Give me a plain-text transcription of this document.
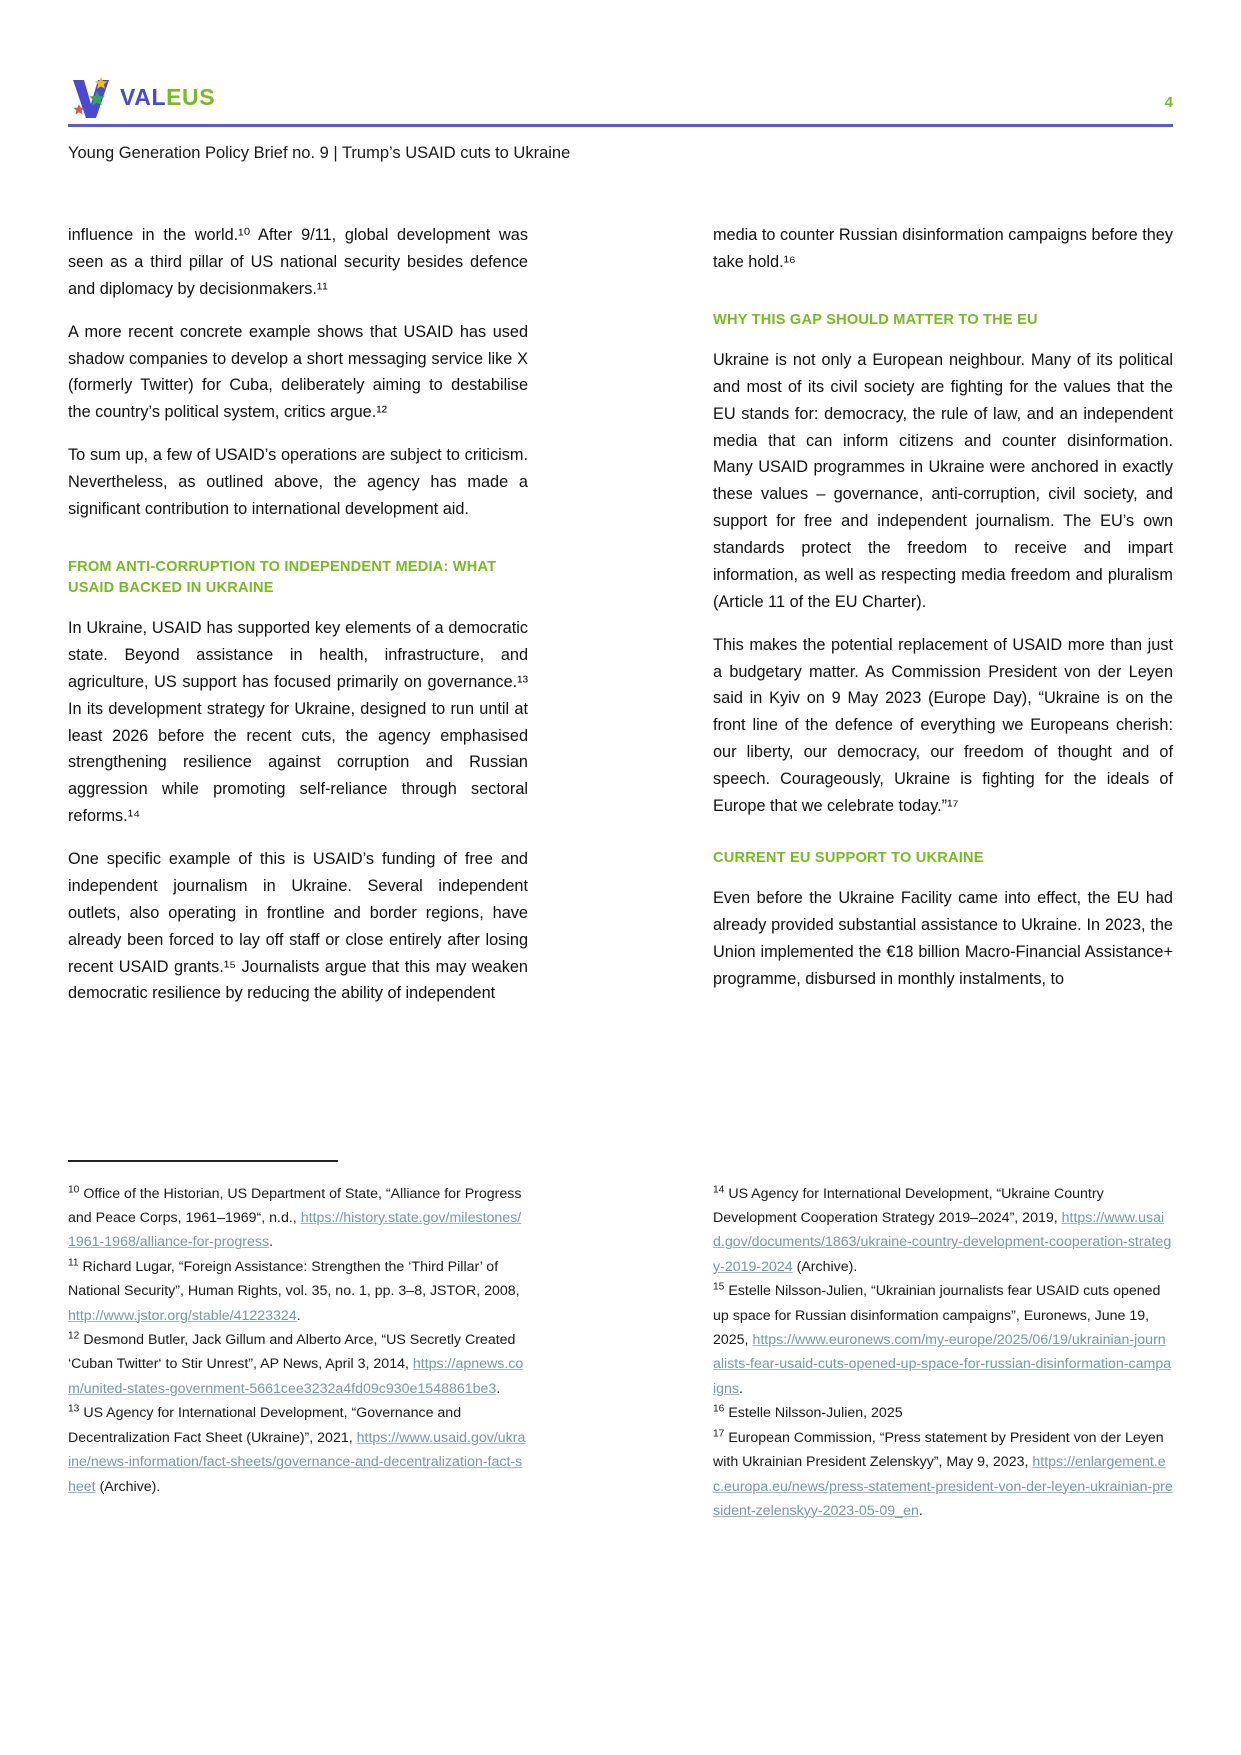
VALEUS	4
Young Generation Policy Brief no. 9 | Trump’s USAID cuts to Ukraine

influence in the world.¹⁰ After 9/11, global development was seen as a third pillar of US national security besides defence and diplomacy by decisionmakers.¹¹

A more recent concrete example shows that USAID has used shadow companies to develop a short messaging service like X (formerly Twitter) for Cuba, deliberately aiming to destabilise the country’s political system, critics argue.¹²

To sum up, a few of USAID’s operations are subject to criticism. Nevertheless, as outlined above, the agency has made a significant contribution to international development aid.

FROM ANTI-CORRUPTION TO INDEPENDENT MEDIA: WHAT USAID BACKED IN UKRAINE

In Ukraine, USAID has supported key elements of a democratic state. Beyond assistance in health, infrastructure, and agriculture, US support has focused primarily on governance.¹³ In its development strategy for Ukraine, designed to run until at least 2026 before the recent cuts, the agency emphasised strengthening resilience against corruption and Russian aggression while promoting self-reliance through sectoral reforms.¹⁴

One specific example of this is USAID’s funding of free and independent journalism in Ukraine. Several independent outlets, also operating in frontline and border regions, have already been forced to lay off staff or close entirely after losing recent USAID grants.¹⁵ Journalists argue that this may weaken democratic resilience by reducing the ability of independent

media to counter Russian disinformation campaigns before they take hold.¹⁶

WHY THIS GAP SHOULD MATTER TO THE EU

Ukraine is not only a European neighbour. Many of its political and most of its civil society are fighting for the values that the EU stands for: democracy, the rule of law, and an independent media that can inform citizens and counter disinformation. Many USAID programmes in Ukraine were anchored in exactly these values – governance, anti-corruption, civil society, and support for free and independent journalism. The EU’s own standards protect the freedom to receive and impart information, as well as respecting media freedom and pluralism (Article 11 of the EU Charter).

This makes the potential replacement of USAID more than just a budgetary matter. As Commission President von der Leyen said in Kyiv on 9 May 2023 (Europe Day), “Ukraine is on the front line of the defence of everything we Europeans cherish: our liberty, our democracy, our freedom of thought and of speech. Courageously, Ukraine is fighting for the ideals of Europe that we celebrate today.”¹⁷

CURRENT EU SUPPORT TO UKRAINE

Even before the Ukraine Facility came into effect, the EU had already provided substantial assistance to Ukraine. In 2023, the Union implemented the €18 billion Macro-Financial Assistance+ programme, disbursed in monthly instalments, to

$^{10}$ Office of the Historian, US Department of State, “Alliance for Progress and Peace Corps, 1961–1969“, n.d., https://history.state.gov/milestones/1961-1968/alliance-for-progress.

$^{11}$ Richard Lugar, “Foreign Assistance: Strengthen the ‘Third Pillar’ of National Security”, Human Rights, vol. 35, no. 1, pp. 3–8, JSTOR, 2008, http://www.jstor.org/stable/41223324.

$^{12}$ Desmond Butler, Jack Gillum and Alberto Arce, “US Secretly Created ‘Cuban Twitter‘ to Stir Unrest”, AP News, April 3, 2014, https://apnews.com/united-states-government-5661cee3232a4fd09c930e1548861be3.

$^{13}$ US Agency for International Development, “Governance and Decentralization Fact Sheet (Ukraine)”, 2021, https://www.usaid.gov/ukraine/news-information/fact-sheets/governance-and-decentralization-fact-sheet (Archive).

$^{14}$ US Agency for International Development, “Ukraine Country Development Cooperation Strategy 2019–2024”, 2019, https://www.usaid.gov/documents/1863/ukraine-country-development-cooperation-strategy-2019-2024 (Archive).

$^{15}$ Estelle Nilsson-Julien, “Ukrainian journalists fear USAID cuts opened up space for Russian disinformation campaigns”, Euronews, June 19, 2025, https://www.euronews.com/my-europe/2025/06/19/ukrainian-journalists-fear-usaid-cuts-opened-up-space-for-russian-disinformation-campaigns.

$^{16}$ Estelle Nilsson-Julien, 2025

$^{17}$ European Commission, “Press statement by President von der Leyen with Ukrainian President Zelenskyy”, May 9, 2023, https://enlargement.ec.europa.eu/news/press-statement-president-von-der-leyen-ukrainian-president-zelenskyy-2023-05-09_en.
